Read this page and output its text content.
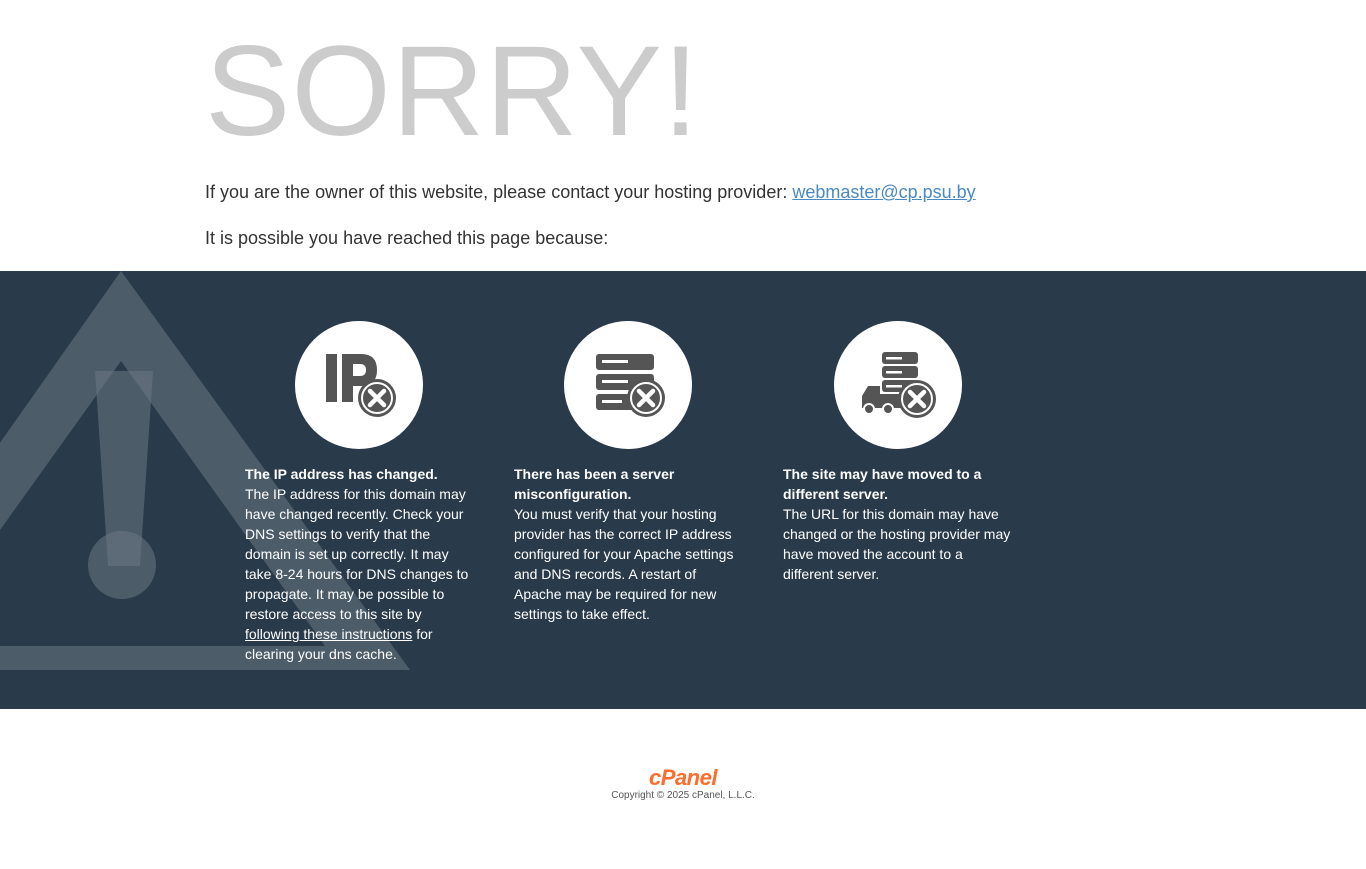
SORRY!

If you are the owner of this website, please contact your hosting provider: webmaster@cp.psu.by

It is possible you have reached this page because:

The IP address has changed.
The IP address for this domain may have changed recently. Check your DNS settings to verify that the domain is set up correctly. It may take 8-24 hours for DNS changes to propagate. It may be possible to restore access to this site by following these instructions for clearing your dns cache.
There has been a server misconfiguration.
You must verify that your hosting provider has the correct IP address configured for your Apache settings and DNS records. A restart of Apache may be required for new settings to take effect.
The site may have moved to a different server.
The URL for this domain may have changed or the hosting provider may have moved the account to a different server.
cPanel
Copyright © 2025 cPanel, L.L.C.
